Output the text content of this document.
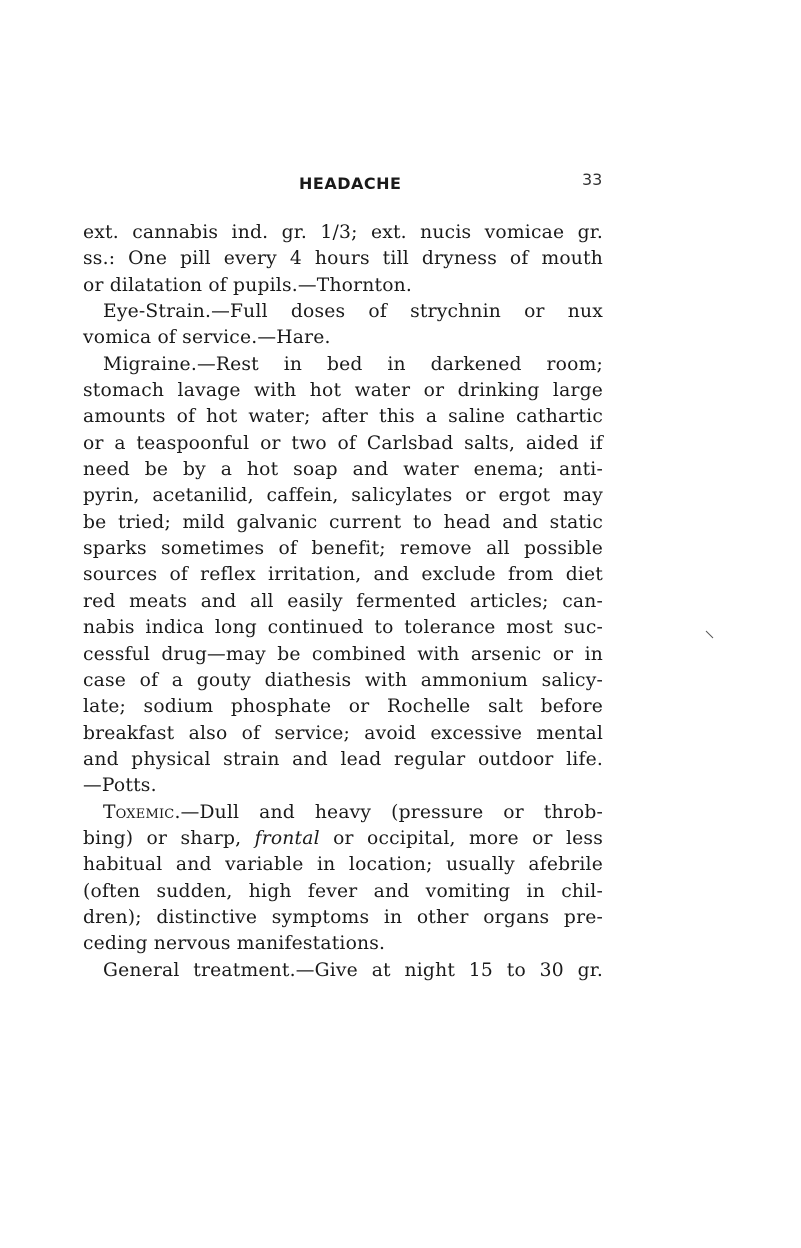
HEADACHE	33
ext. cannabis ind. gr. 1/3; ext. nucis vomicae gr.
ss.: One pill every 4 hours till dryness of mouth
or dilatation of pupils.—Thornton.
Eye-Strain.—Full doses of strychnin or nux
vomica of service.—Hare.
Migraine.—Rest in bed in darkened room;
stomach lavage with hot water or drinking large
amounts of hot water; after this a saline cathartic
or a teaspoonful or two of Carlsbad salts, aided if
need be by a hot soap and water enema; anti-
pyrin, acetanilid, caffein, salicylates or ergot may
be tried; mild galvanic current to head and static
sparks sometimes of benefit; remove all possible
sources of reflex irritation, and exclude from diet
red meats and all easily fermented articles; can-
nabis indica long continued to tolerance most suc-
cessful drug—may be combined with arsenic or in
case of a gouty diathesis with ammonium salicy-
late; sodium phosphate or Rochelle salt before
breakfast also of service; avoid excessive mental
and physical strain and lead regular outdoor life.
—Potts.
Toxemic.—Dull and heavy (pressure or throb-
bing) or sharp, frontal or occipital, more or less
habitual and variable in location; usually afebrile
(often sudden, high fever and vomiting in chil-
dren); distinctive symptoms in other organs pre-
ceding nervous manifestations.
General treatment.—Give at night 15 to 30 gr.
